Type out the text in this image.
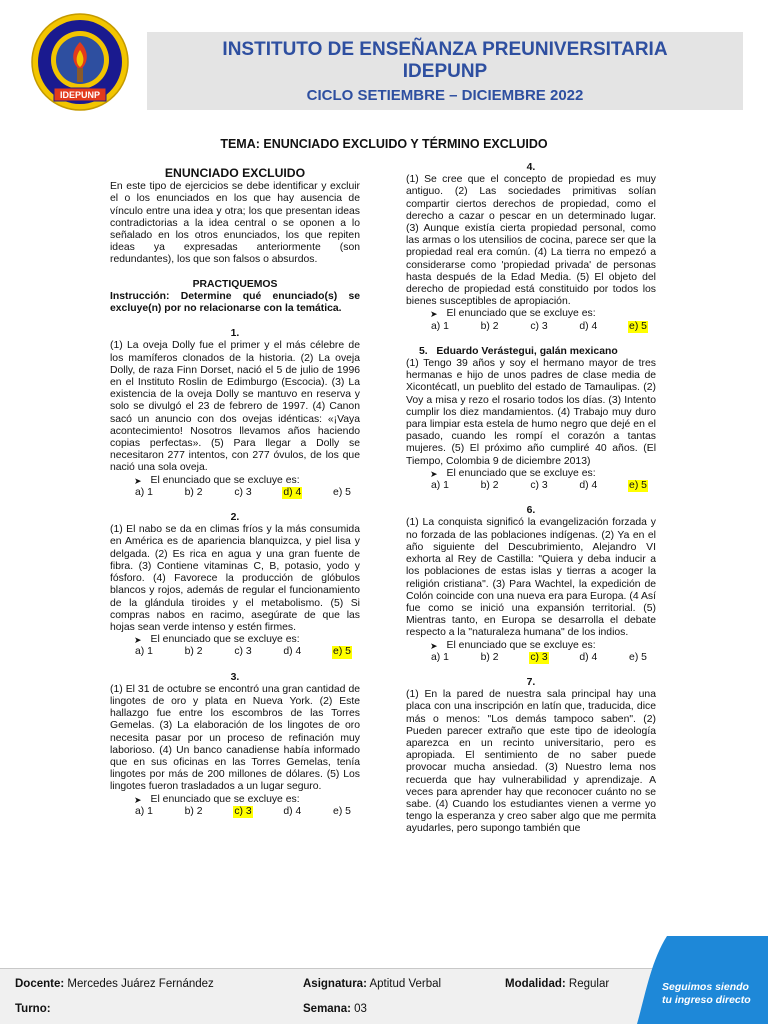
IDEPUNP
INSTITUTO DE ENSEÑANZA PREUNIVERSITARIA
IDEPUNP
CICLO SETIEMBRE – DICIEMBRE 2022
TEMA: ENUNCIADO EXCLUIDO Y TÉRMINO EXCLUIDO
ENUNCIADO EXCLUIDO

En este tipo de ejercicios se debe identificar y excluir el o los enunciados en los que hay ausencia de vínculo entre una idea y otra; los que presentan ideas contradictorias a la idea central o se oponen a lo señalado en los otros enunciados, los que repiten ideas ya expresadas anteriormente (son redundantes), los que son falsos o absurdos.

PRACTIQUEMOS

Instrucción: Determine qué enunciado(s) se excluye(n) por no relacionarse con la temática.

1.

(1) La oveja Dolly fue el primer y el más célebre de los mamíferos clonados de la historia. (2) La oveja Dolly, de raza Finn Dorset, nació el 5 de julio de 1996 en el Instituto Roslin de Edimburgo (Escocia). (3) La existencia de la oveja Dolly se mantuvo en reserva y solo se divulgó el 23 de febrero de 1997. (4) Canon sacó un anuncio con dos ovejas idénticas: «¡Vaya acontecimiento! Nosotros llevamos años haciendo copias perfectas». (5) Para llegar a Dolly se necesitaron 277 intentos, con 277 óvulos, de los que nació una sola oveja.

➤ El enunciado que se excluye es:
a) 1	b) 2	c) 3	d) 4	e) 5
2.

(1) El nabo se da en climas fríos y la más consumida en América es de apariencia blanquizca, y piel lisa y delgada. (2) Es rica en agua y una gran fuente de fibra. (3) Contiene vitaminas C, B, potasio, yodo y fósforo. (4) Favorece la producción de glóbulos blancos y rojos, además de regular el funcionamiento de la glándula tiroides y el metabolismo. (5) Si compras nabos en racimo, asegúrate de que las hojas sean verde intenso y estén firmes.

➤ El enunciado que se excluye es:
a) 1	b) 2	c) 3	d) 4	e) 5
3.

(1) El 31 de octubre se encontró una gran cantidad de lingotes de oro y plata en Nueva York. (2) Este hallazgo fue entre los escombros de las Torres Gemelas. (3) La elaboración de los lingotes de oro necesita pasar por un proceso de refinación muy laborioso. (4) Un banco canadiense había informado que en sus oficinas en las Torres Gemelas, tenía lingotes por más de 200 millones de dólares. (5) Los lingotes fueron trasladados a un lugar seguro.

➤ El enunciado que se excluye es:
a) 1	b) 2	c) 3	d) 4	e) 5
4.

(1) Se cree que el concepto de propiedad es muy antiguo. (2) Las sociedades primitivas solían compartir ciertos derechos de propiedad, como el derecho a cazar o pescar en un determinado lugar. (3) Aunque existía cierta propiedad personal, como las armas o los utensilios de cocina, parece ser que la propiedad real era común. (4) La tierra no empezó a considerarse como 'propiedad privada' de personas hasta después de la Edad Media. (5) El objeto del derecho de propiedad está constituido por todos los bienes susceptibles de apropiación.

➤ El enunciado que se excluye es:
a) 1	b) 2	c) 3	d) 4	e) 5
5. Eduardo Verástegui, galán mexicano

(1) Tengo 39 años y soy el hermano mayor de tres hermanas e hijo de unos padres de clase media de Xicontécatl, un pueblito del estado de Tamaulipas. (2) Voy a misa y rezo el rosario todos los días. (3) Intento cumplir los diez mandamientos. (4) Trabajo muy duro para limpiar esta estela de humo negro que dejé en el pasado, cuando les rompí el corazón a tantas mujeres. (5) El próximo año cumpliré 40 años. (El Tiempo, Colombia 9 de diciembre 2013)

➤ El enunciado que se excluye es:
a) 1	b) 2	c) 3	d) 4	e) 5
6.

(1) La conquista significó la evangelización forzada y no forzada de las poblaciones indígenas. (2) Ya en el año siguiente del Descubrimiento, Alejandro VI exhorta al Rey de Castilla: "Quiera y deba inducir a los poblaciones de estas islas y tierras a acoger la religión cristiana". (3) Para Wachtel, la expedición de Colón coincide con una nueva era para Europa. (4 Así fue como se inició una expansión territorial. (5) Mientras tanto, en Europa se desarrolla el debate respecto a la "naturaleza humana" de los indios.

➤ El enunciado que se excluye es:
a) 1	b) 2	c) 3	d) 4	e) 5
7.

(1) En la pared de nuestra sala principal hay una placa con una inscripción en latín que, traducida, dice más o menos: "Los demás tampoco saben". (2) Pueden parecer extraño que este tipo de ideología aparezca en un recinto universitario, pero es apropiada. El sentimiento de no saber puede provocar mucha ansiedad. (3) Nuestro lema nos recuerda que hay vulnerabilidad y aprendizaje. A veces para aprender hay que reconocer cuánto no se sabe. (4) Cuando los estudiantes vienen a verme yo tengo la esperanza y creo saber algo que me permita ayudarles, pero supongo también que

Docente: Mercedes Juárez Fernández
Turno:
Asignatura: Aptitud Verbal
Semana: 03
Modalidad: Regular	Seguimos siendo
tu ingreso directo
